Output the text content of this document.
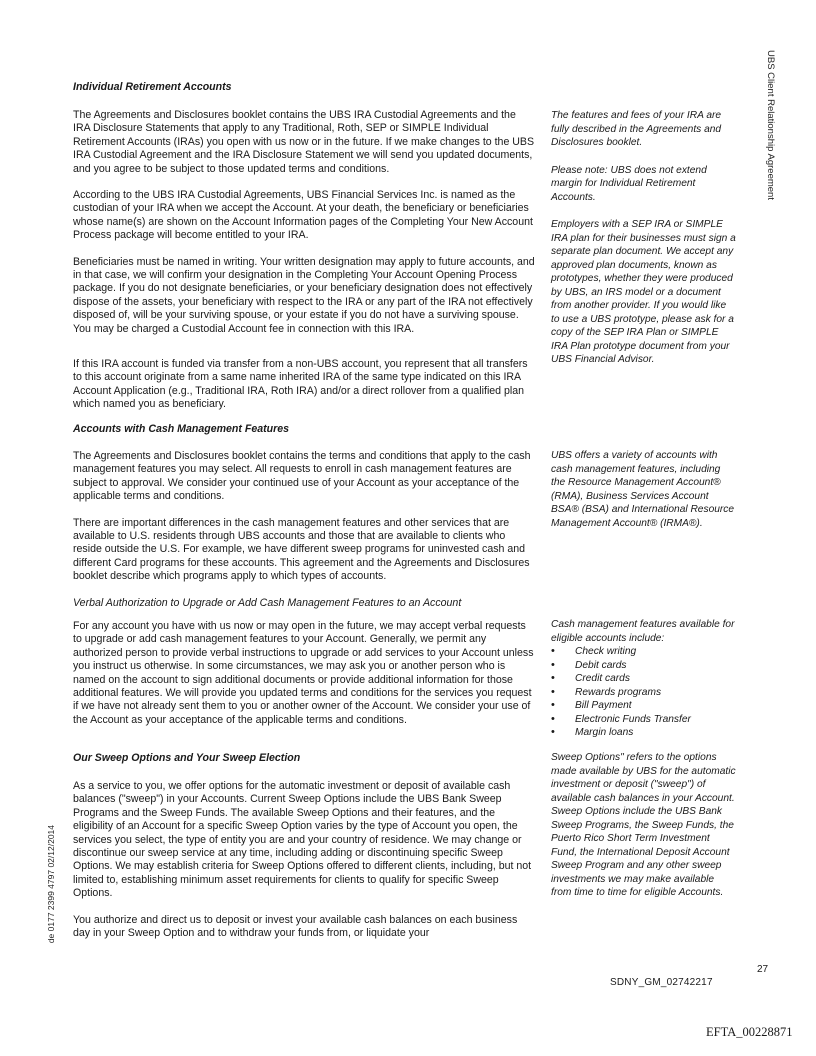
UBS Client Relationship Agreement
de 0177 2399 4797 02/12/2014
Individual Retirement Accounts

The Agreements and Disclosures booklet contains the UBS IRA Custodial Agreements and the IRA Disclosure Statements that apply to any Traditional, Roth, SEP or SIMPLE Individual Retirement Accounts (IRAs) you open with us now or in the future. If we make changes to the UBS IRA Custodial Agreement and the IRA Disclosure Statement we will send you updated documents, and you agree to be subject to those updated terms and conditions.

According to the UBS IRA Custodial Agreements, UBS Financial Services Inc. is named as the custodian of your IRA when we accept the Account. At your death, the beneficiary or beneficiaries whose name(s) are shown on the Account Information pages of the Completing Your New Account Process package will become entitled to your IRA.

Beneficiaries must be named in writing. Your written designation may apply to future accounts, and in that case, we will confirm your designation in the Completing Your Account Opening Process package. If you do not designate beneficiaries, or your beneficiary designation does not effectively dispose of the assets, your beneficiary with respect to the IRA or any part of the IRA not effectively disposed of, will be your surviving spouse, or your estate if you do not have a surviving spouse. You may be charged a Custodial Account fee in connection with this IRA.

If this IRA account is funded via transfer from a non-UBS account, you represent that all transfers to this account originate from a same name inherited IRA of the same type indicated on this IRA Account Application (e.g., Traditional IRA, Roth IRA) and/or a direct rollover from a qualified plan which named you as beneficiary.

Accounts with Cash Management Features

The Agreements and Disclosures booklet contains the terms and conditions that apply to the cash management features you may select. All requests to enroll in cash management features are subject to approval. We consider your continued use of your Account as your acceptance of the applicable terms and conditions.

There are important differences in the cash management features and other services that are available to U.S. residents through UBS accounts and those that are available to clients who reside outside the U.S. For example, we have different sweep programs for uninvested cash and different Card programs for these accounts. This agreement and the Agreements and Disclosures booklet describe which programs apply to which types of accounts.

Verbal Authorization to Upgrade or Add Cash Management Features to an Account

For any account you have with us now or may open in the future, we may accept verbal requests to upgrade or add cash management features to your Account. Generally, we permit any authorized person to provide verbal instructions to upgrade or add services to your Account unless you instruct us otherwise. In some circumstances, we may ask you or another person who is named on the account to sign additional documents or provide additional information for those additional features. We will provide you updated terms and conditions for the services you request if we have not already sent them to you or another owner of the Account. We consider your use of the Account as your acceptance of the applicable terms and conditions.

Our Sweep Options and Your Sweep Election

As a service to you, we offer options for the automatic investment or deposit of available cash balances ("sweep") in your Accounts. Current Sweep Options include the UBS Bank Sweep Programs and the Sweep Funds. The available Sweep Options and their features, and the eligibility of an Account for a specific Sweep Option varies by the type of Account you open, the services you select, the type of entity you are and your country of residence. We may change or discontinue our sweep service at any time, including adding or discontinuing specific Sweep Options. We may establish criteria for Sweep Options offered to different clients, including, but not limited to, establishing minimum asset requirements for clients to qualify for specific Sweep Options.

You authorize and direct us to deposit or invest your available cash balances on each business day in your Sweep Option and to withdraw your funds from, or liquidate your

The features and fees of your IRA are fully described in the Agreements and Disclosures booklet.

Please note: UBS does not extend margin for Individual Retirement Accounts.

Employers with a SEP IRA or SIMPLE IRA plan for their businesses must sign a separate plan document. We accept any approved plan documents, known as prototypes, whether they were produced by UBS, an IRS model or a document from another provider. If you would like to use a UBS prototype, please ask for a copy of the SEP IRA Plan or SIMPLE IRA Plan prototype document from your UBS Financial Advisor.

UBS offers a variety of accounts with cash management features, including the Resource Management Account® (RMA), Business Services Account BSA® (BSA) and International Resource Management Account® (IRMA®).

Cash management features available for eligible accounts include:

• Check writing
• Debit cards
• Credit cards
• Rewards programs
• Bill Payment
• Electronic Funds Transfer
• Margin loans

Sweep Options" refers to the options made available by UBS for the automatic investment or deposit ("sweep") of available cash balances in your Account. Sweep Options include the UBS Bank Sweep Programs, the Sweep Funds, the Puerto Rico Short Term Investment Fund, the International Deposit Account Sweep Program and any other sweep investments we may make available from time to time for eligible Accounts.

27
SDNY_GM_02742217
EFTA_00228871
